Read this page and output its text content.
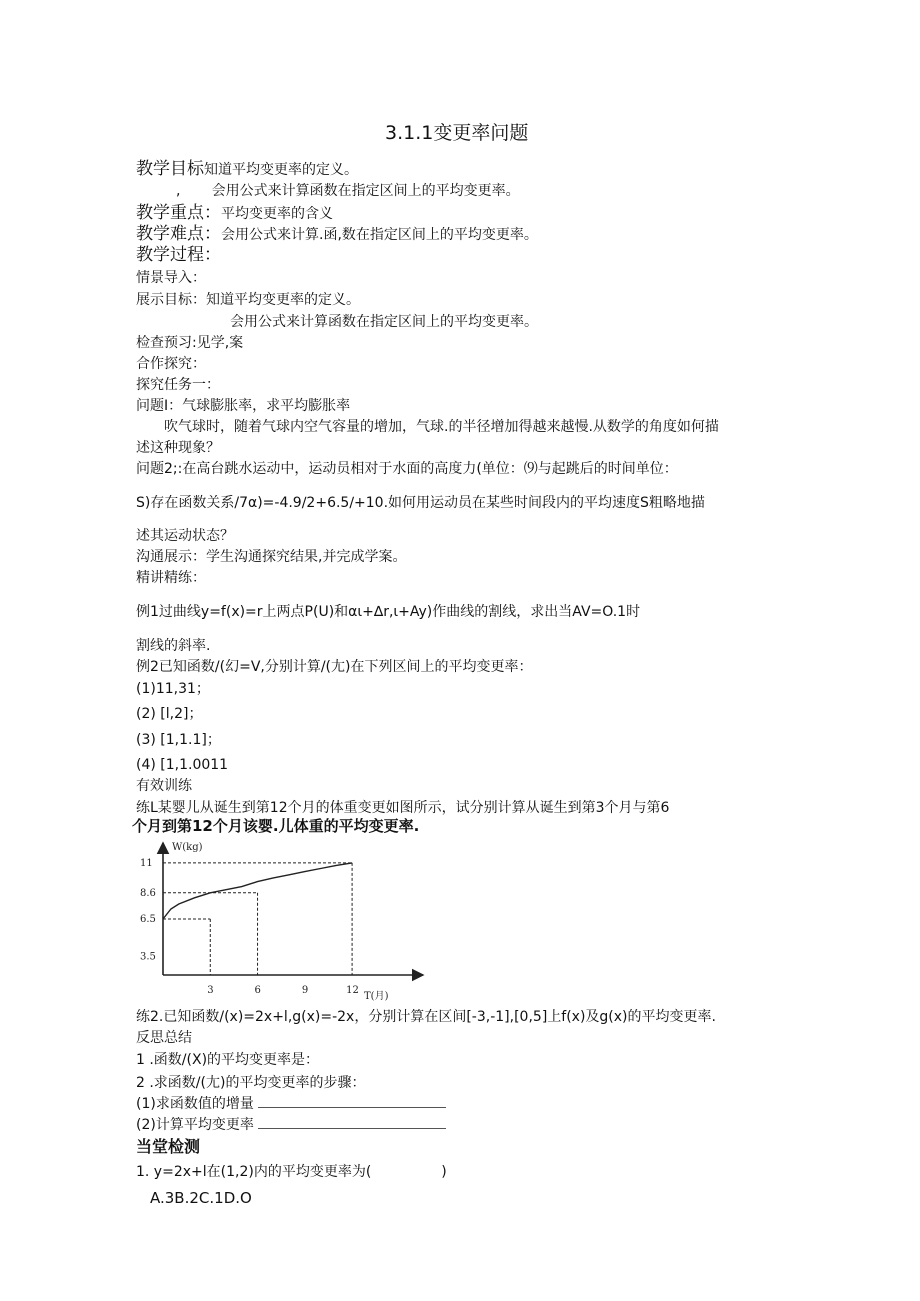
3.1.1变更率问题
教学目标知道平均变更率的定义。
, 会用公式来计算函数在指定区间上的平均变更率。
教学重点：平均变更率的含义
教学难点：会用公式来计算.函,数在指定区间上的平均变更率。
教学过程：
情景导入：
展示目标：知道平均变更率的定义。
会用公式来计算函数在指定区间上的平均变更率。
检查预习:见学,案
合作探究：
探究任务一：
问题I：气球膨胀率，求平均膨胀率
吹气球时，随着气球内空气容量的增加，气球.的半径增加得越来越慢.从数学的角度如何描
述这种现象？
问题2;:在高台跳水运动中，运动员相对于水面的高度力(单位：⑼与起跳后的时间单位：
S)存在函数关系/7α)=-4.9∕2+6.5∕+10.如何用运动员在某些时间段内的平均速度S粗略地描
述其运动状态？
沟通展示：学生沟通探究结果,并完成学案。
精讲精练：
例1过曲线y=f(x)=r上两点P(U)和αι+∆r,ι+Ay)作曲线的割线，求出当AV=O.1时
割线的斜率.
例2已知函数/(幻=V,分别计算/(尢)在下列区间上的平均变更率：
(1)11,31；
(2) [l,2]；
(3) [1,1.1]；
(4) [1,1.0011
有效训练
练L某婴儿从诞生到第12个月的体重变更如图所示，试分别计算从诞生到第3个月与第6
个月到第12个月该婴.儿体重的平均变更率.
W(kg)
T(月)
3	6	9	12
3.5
6.5
8.6
11
练2.已知函数/(x)=2x+l,g(x)=-2x，分别计算在区间[-3,-1],[0,5]上f(x)及g(x)的平均变更率.
反思总结
1 .函数/(X)的平均变更率是：
2 .求函数/(尢)的平均变更率的步骤：
(1)求函数值的增量
(2)计算平均变更率
当堂检测
1. y=2x+l在(1,2)内的平均变更率为(	)
A.3B.2C.1D.O
